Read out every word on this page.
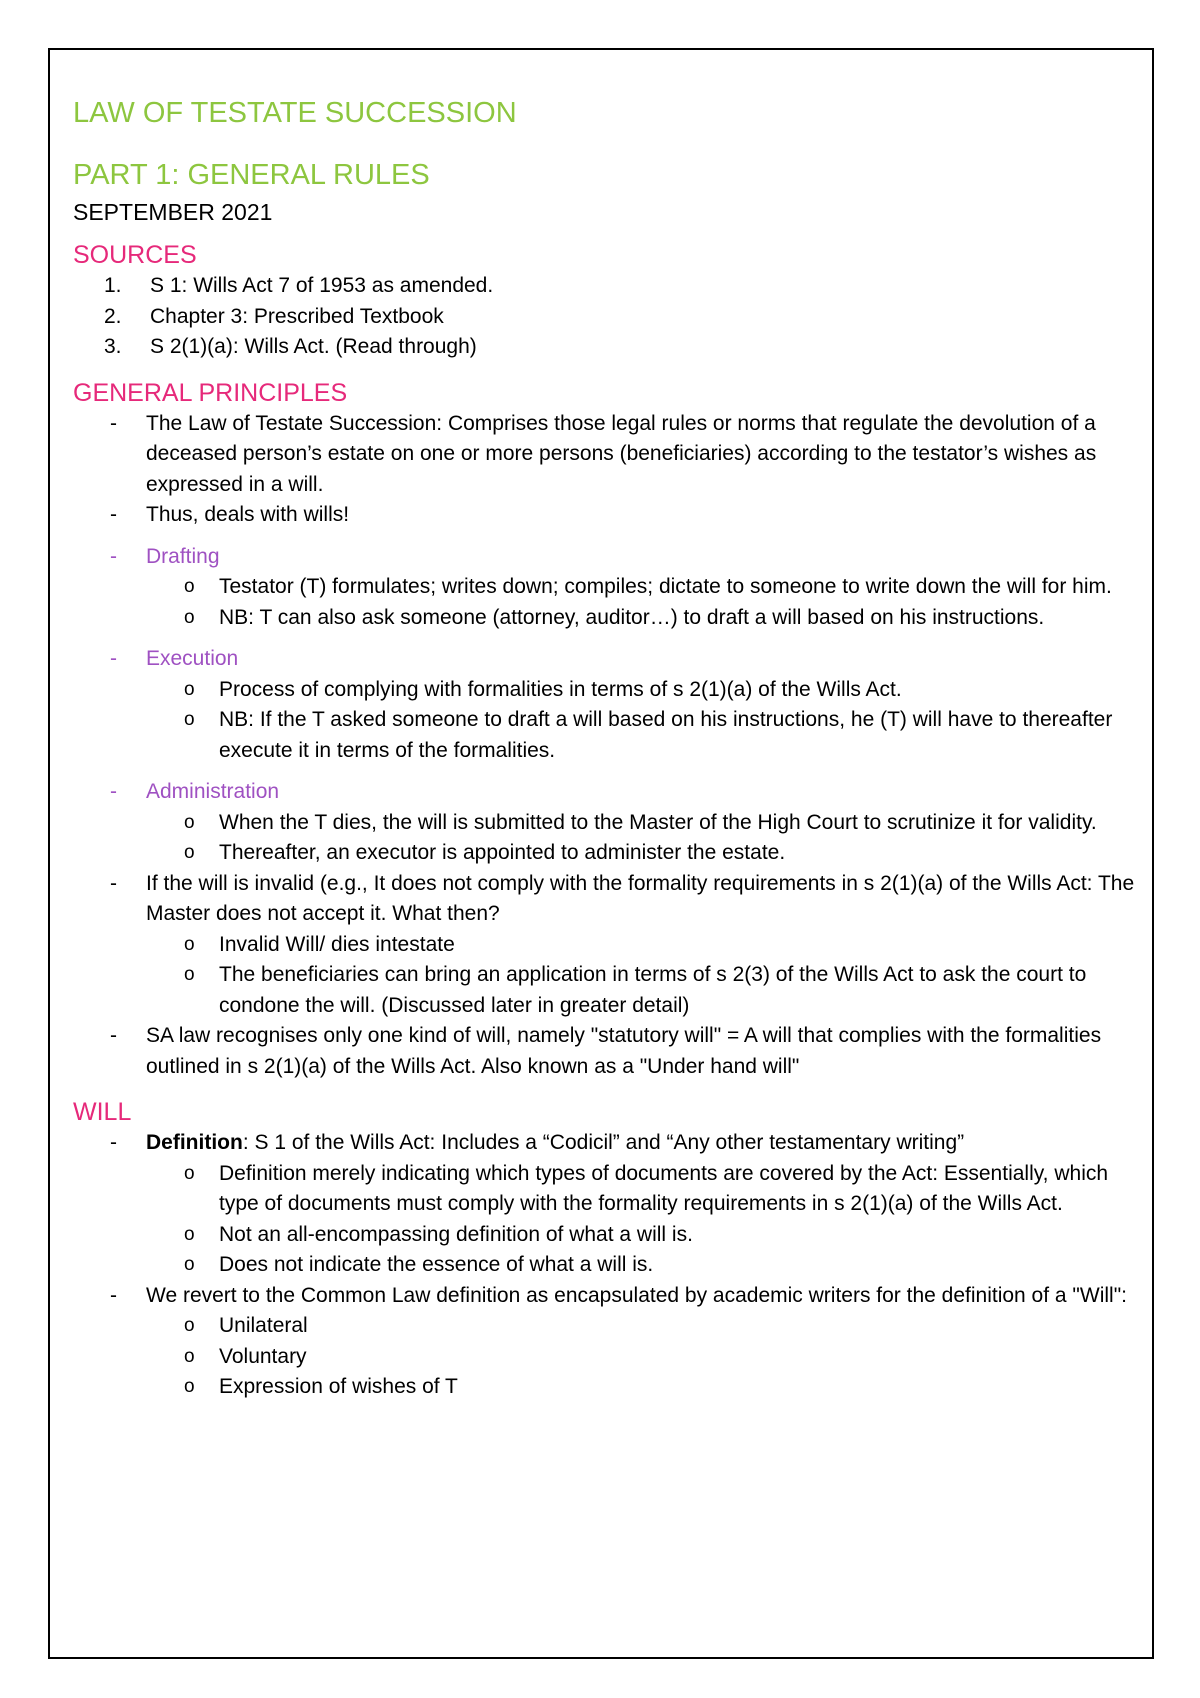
LAW OF TESTATE SUCCESSION
PART 1: GENERAL RULES
SEPTEMBER 2021
SOURCES
1. S 1: Wills Act 7 of 1953 as amended.
2. Chapter 3: Prescribed Textbook
3. S 2(1)(a): Wills Act. (Read through)
GENERAL PRINCIPLES
- The Law of Testate Succession: Comprises those legal rules or norms that regulate the devolution of a deceased person’s estate on one or more persons (beneficiaries) according to the testator’s wishes as expressed in a will.
- Thus, deals with wills!
- Drafting
o Testator (T) formulates; writes down; compiles; dictate to someone to write down the will for him.
o NB: T can also ask someone (attorney, auditor…) to draft a will based on his instructions.
- Execution
o Process of complying with formalities in terms of s 2(1)(a) of the Wills Act.
o NB: If the T asked someone to draft a will based on his instructions, he (T) will have to thereafter execute it in terms of the formalities.
- Administration
o When the T dies, the will is submitted to the Master of the High Court to scrutinize it for validity.
o Thereafter, an executor is appointed to administer the estate.
- If the will is invalid (e.g., It does not comply with the formality requirements in s 2(1)(a) of the Wills Act: The Master does not accept it. What then?
o Invalid Will/ dies intestate
o The beneficiaries can bring an application in terms of s 2(3) of the Wills Act to ask the court to condone the will. (Discussed later in greater detail)
- SA law recognises only one kind of will, namely "statutory will" = A will that complies with the formalities outlined in s 2(1)(a) of the Wills Act. Also known as a "Under hand will"
WILL
- Definition: S 1 of the Wills Act: Includes a “Codicil” and “Any other testamentary writing”
o Definition merely indicating which types of documents are covered by the Act: Essentially, which type of documents must comply with the formality requirements in s 2(1)(a) of the Wills Act.
o Not an all-encompassing definition of what a will is.
o Does not indicate the essence of what a will is.
- We revert to the Common Law definition as encapsulated by academic writers for the definition of a "Will":
o Unilateral
o Voluntary
o Expression of wishes of T
